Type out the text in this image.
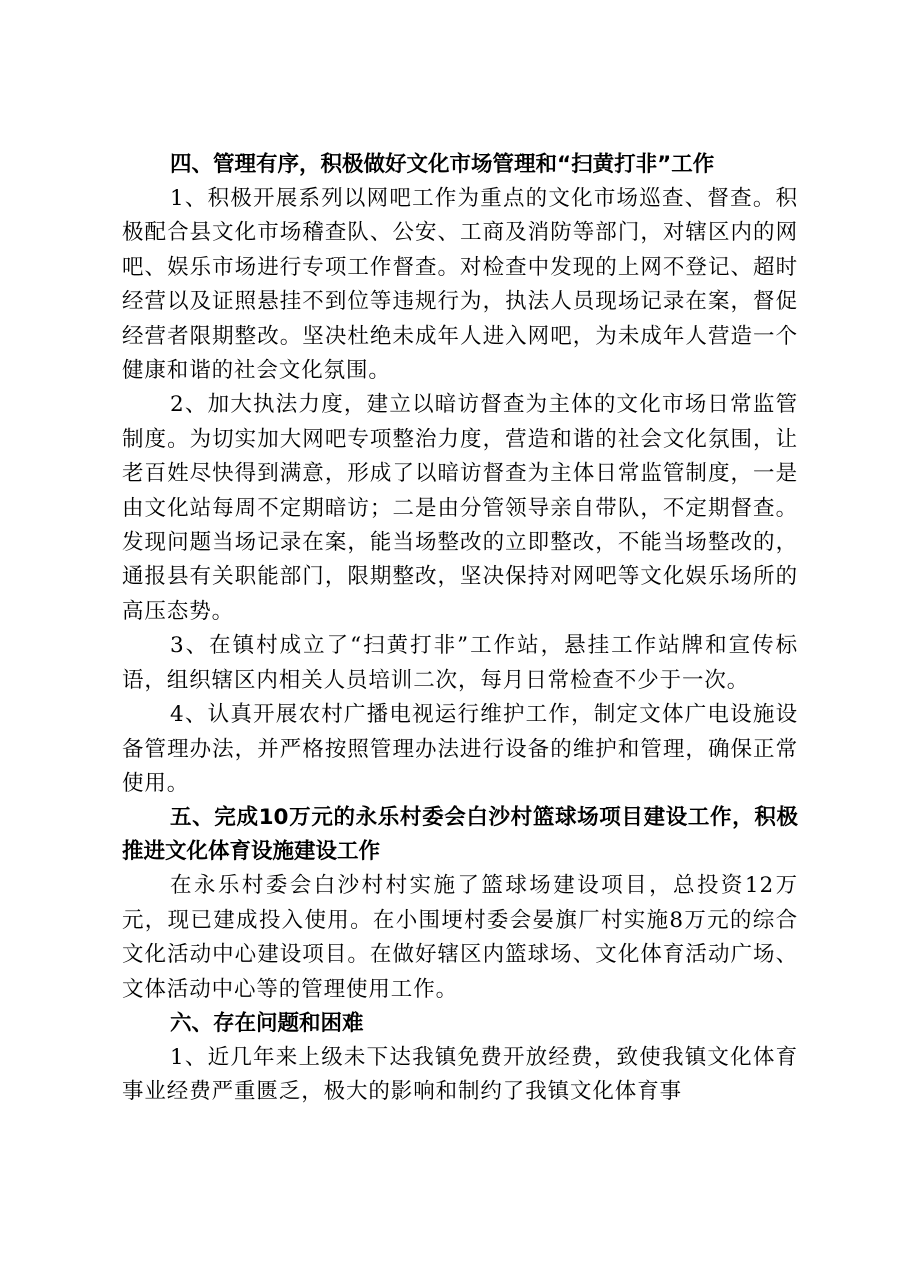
四、管理有序，积极做好文化市场管理和“扫黄打非”工作

1、积极开展系列以网吧工作为重点的文化市场巡查、督查。积极配合县文化市场稽查队、公安、工商及消防等部门，对辖区内的网吧、娱乐市场进行专项工作督查。对检查中发现的上网不登记、超时经营以及证照悬挂不到位等违规行为，执法人员现场记录在案，督促经营者限期整改。坚决杜绝未成年人进入网吧，为未成年人营造一个健康和谐的社会文化氛围。

2、加大执法力度，建立以暗访督查为主体的文化市场日常监管制度。为切实加大网吧专项整治力度，营造和谐的社会文化氛围，让老百姓尽快得到满意，形成了以暗访督查为主体日常监管制度，一是由文化站每周不定期暗访；二是由分管领导亲自带队，不定期督查。发现问题当场记录在案，能当场整改的立即整改，不能当场整改的，通报县有关职能部门，限期整改，坚决保持对网吧等文化娱乐场所的高压态势。

3、在镇村成立了“扫黄打非”工作站，悬挂工作站牌和宣传标语，组织辖区内相关人员培训二次，每月日常检查不少于一次。

4、认真开展农村广播电视运行维护工作，制定文体广电设施设备管理办法，并严格按照管理办法进行设备的维护和管理，确保正常使用。

五、完成10万元的永乐村委会白沙村篮球场项目建设工作，积极推进文化体育设施建设工作

在永乐村委会白沙村村实施了篮球场建设项目，总投资12万元，现已建成投入使用。在小围埂村委会晏旗厂村实施8万元的综合文化活动中心建设项目。在做好辖区内篮球场、文化体育活动广场、文体活动中心等的管理使用工作。

六、存在问题和困难

1、近几年来上级未下达我镇免费开放经费，致使我镇文化体育事业经费严重匮乏，极大的影响和制约了我镇文化体育事
